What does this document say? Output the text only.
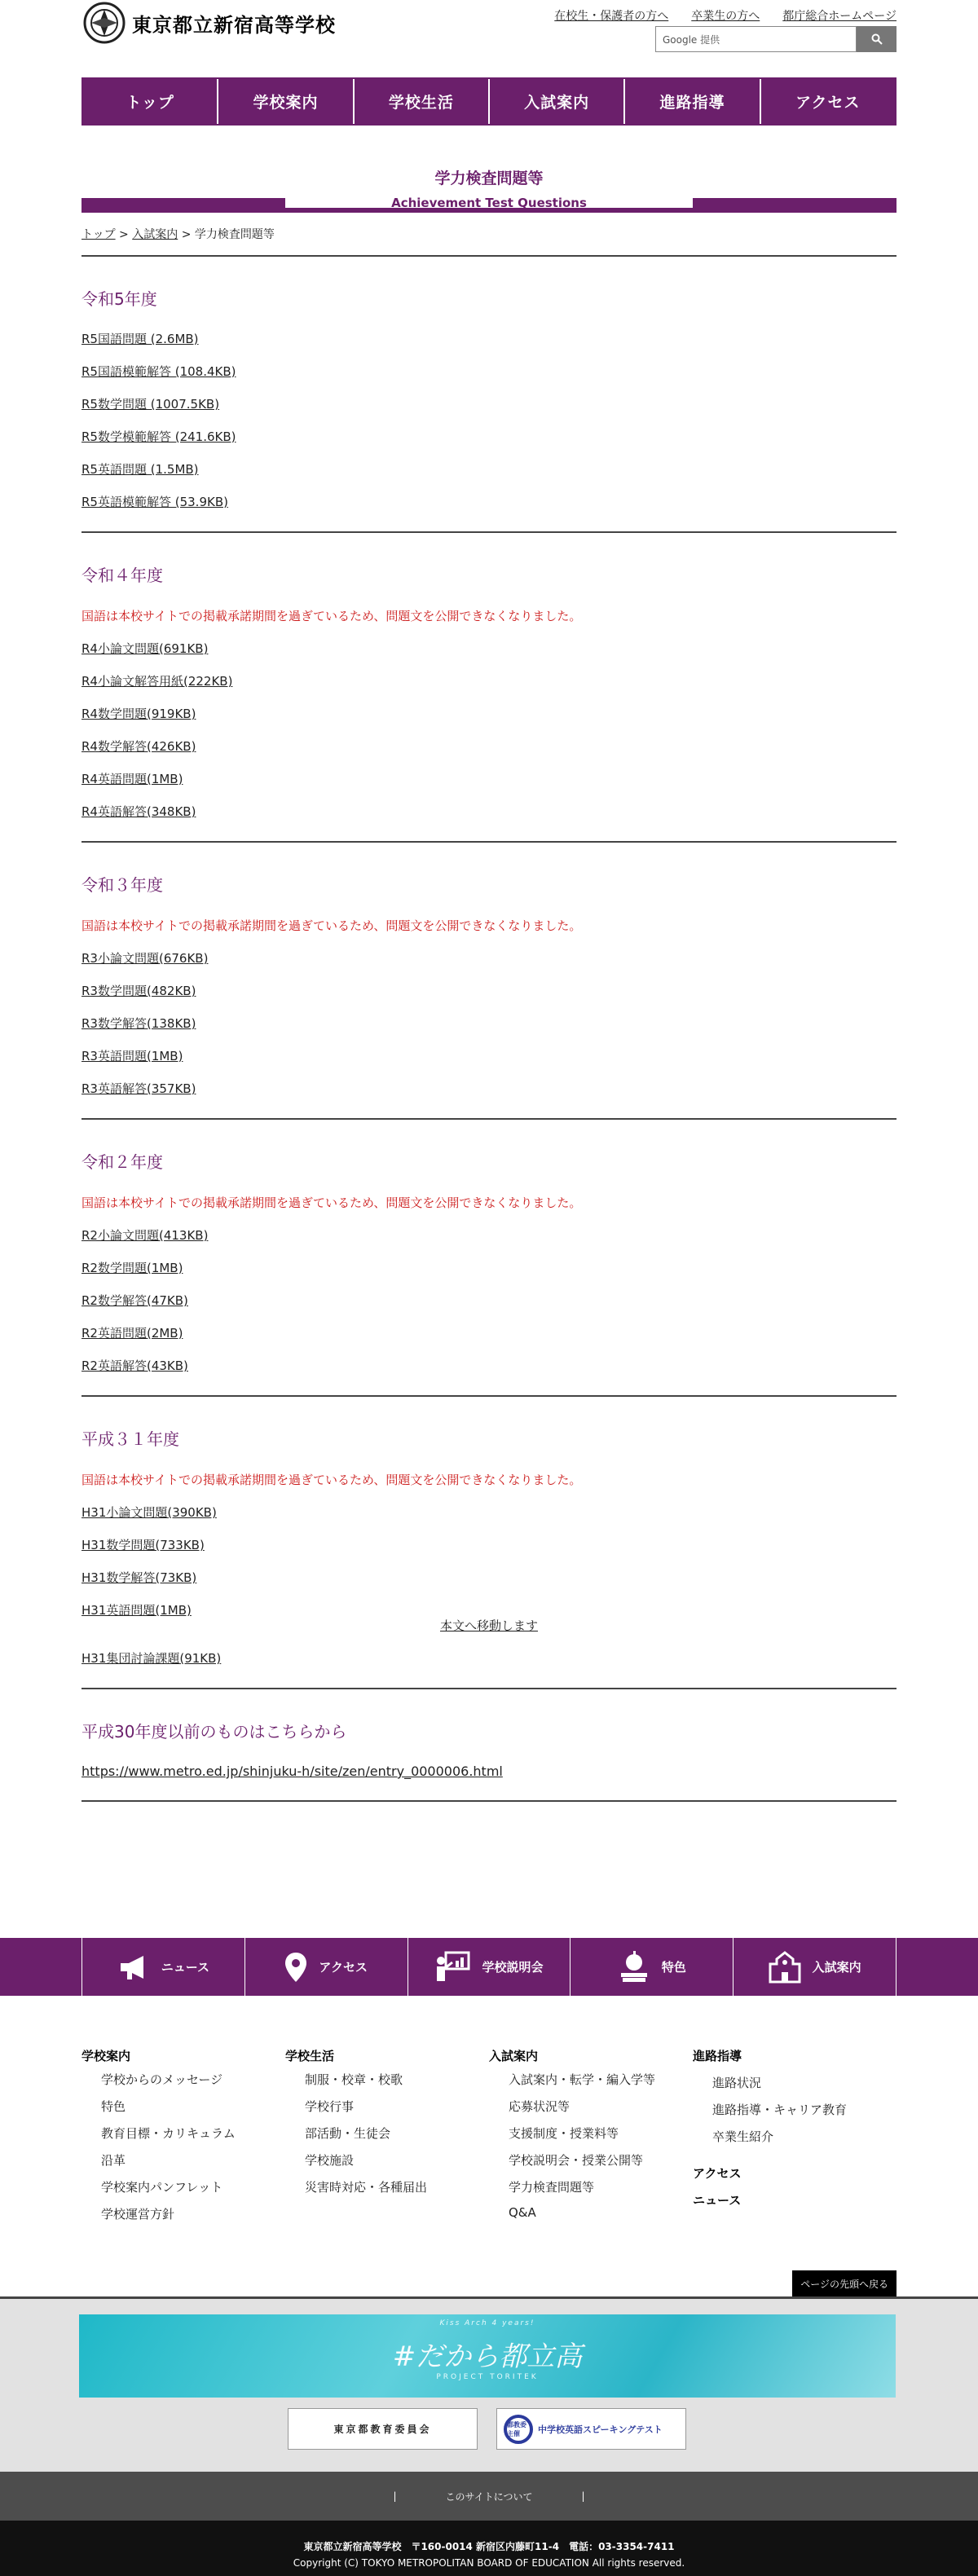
東京都立新宿高等学校	在校生・保護者の方へ 卒業生の方へ 都庁総合ホームページ
Google 提供
トップ	学校案内	学校生活	入試案内	進路指導	アクセス
学力検査問題等
Achievement Test Questions
トップ > 入試案内 > 学力検査問題等
令和5年度
R5国語問題 (2.6MB)
R5国語模範解答 (108.4KB)
R5数学問題 (1007.5KB)
R5数学模範解答 (241.6KB)
R5英語問題 (1.5MB)
R5英語模範解答 (53.9KB)
令和４年度

国語は本校サイトでの掲載承諾期間を過ぎているため、問題文を公開できなくなりました。

R4小論文問題(691KB)
R4小論文解答用紙(222KB)
R4数学問題(919KB)
R4数学解答(426KB)
R4英語問題(1MB)
R4英語解答(348KB)
令和３年度

国語は本校サイトでの掲載承諾期間を過ぎているため、問題文を公開できなくなりました。

R3小論文問題(676KB)
R3数学問題(482KB)
R3数学解答(138KB)
R3英語問題(1MB)
R3英語解答(357KB)
令和２年度

国語は本校サイトでの掲載承諾期間を過ぎているため、問題文を公開できなくなりました。

R2小論文問題(413KB)
R2数学問題(1MB)
R2数学解答(47KB)
R2英語問題(2MB)
R2英語解答(43KB)
平成３１年度

国語は本校サイトでの掲載承諾期間を過ぎているため、問題文を公開できなくなりました。

H31小論文問題(390KB)
H31数学問題(733KB)
H31数学解答(73KB)
H31英語問題(1MB)
本文へ移動します
H31集団討論課題(91KB)
平成30年度以前のものはこちらから
https://www.metro.ed.jp/shinjuku-h/site/zen/entry_0000006.html
ニュース	アクセス	学校説明会	特色	入試案内
学校案内
学校からのメッセージ
特色
教育目標・カリキュラム
沿革
学校案内パンフレット
学校運営方針
学校生活
制服・校章・校歌
学校行事
部活動・生徒会
学校施設
災害時対応・各種届出
入試案内
入試案内・転学・編入学等
応募状況等
支援制度・授業料等
学校説明会・授業公開等
学力検査問題等
Q&A
進路指導
進路状況
進路指導・キャリア教育
卒業生紹介
アクセス
ニュース
ページの先頭へ戻る
Kiss Arch 4 years!
#だから都立高
PROJECT TORITEK
東京都教育委員会	都教委主催	中学校英語スピーキングテスト
|	このサイトについて	|
東京都立新宿高等学校　〒160-0014 新宿区内藤町11-4　電話：03-3354-7411
Copyright (C) TOKYO METROPOLITAN BOARD OF EDUCATION All rights reserved.
